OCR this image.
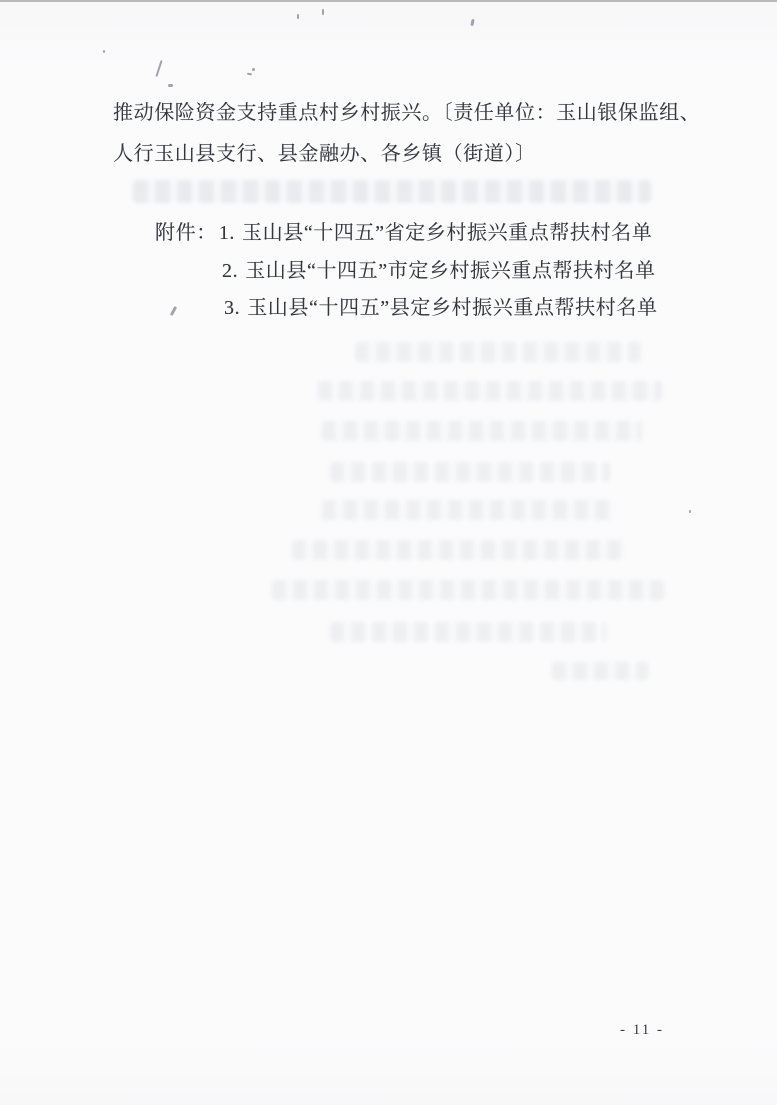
推动保险资金支持重点村乡村振兴。〔责任单位：玉山银保监组、
人行玉山县支行、县金融办、各乡镇（街道）〕
附件： 1. 玉山县“十四五”省定乡村振兴重点帮扶村名单
2. 玉山县“十四五”市定乡村振兴重点帮扶村名单
3. 玉山县“十四五”县定乡村振兴重点帮扶村名单
- 11 -
